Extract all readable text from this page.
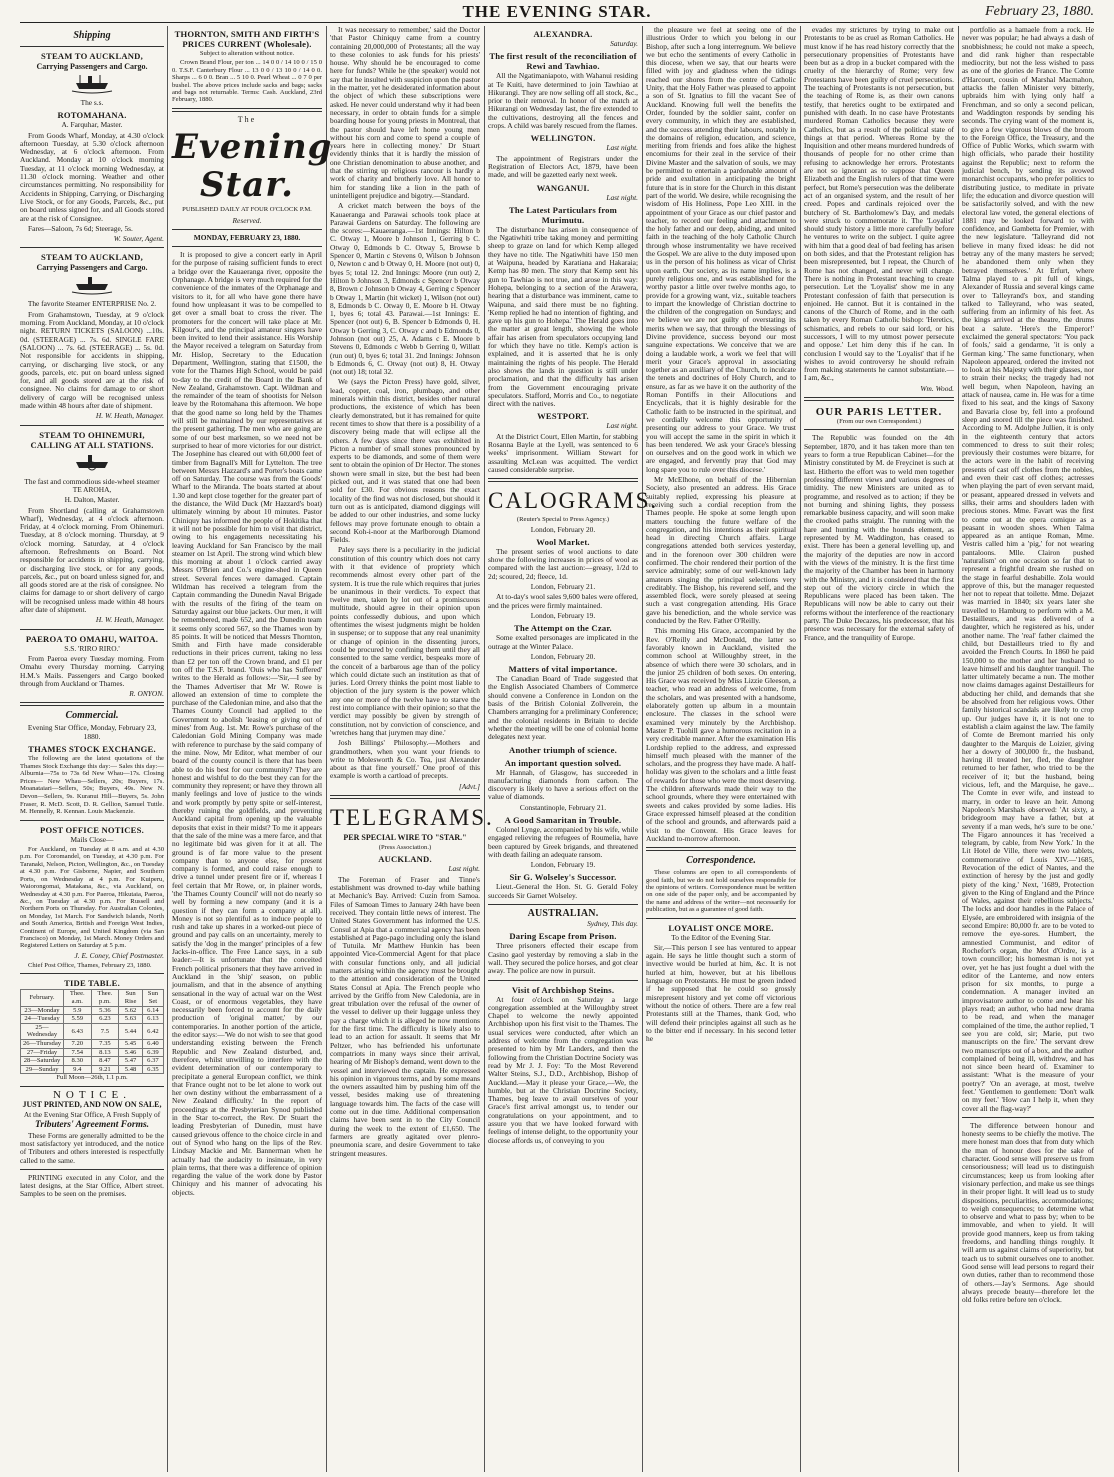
THE EVENING STAR.	February 23, 1880.
Shipping
STEAM TO AUCKLAND,
Carrying Passengers and Cargo.

The s.s.

ROTOMAHANA.

A. Farquhar, Master.

From Goods Wharf, Monday, at 4.30 o'clock afternoon Tuesday, at 5.30 o'clock afternoon Wednesday, at 6 o'clock afternoon. From Auckland. Monday at 10 o'clock morning Tuesday, at 11 o'clock morning Wednesday, at 11.30 o'clock morning. Weather and other circumstances permitting. No responsibility for Accidents in Shipping, Carrying, or Discharging Live Stock, or for any Goods, Parcels, &c., put on board unless signed for, and all Goods stored are at the risk of Consignee.

Fares—Saloon, 7s 6d; Steerage, 5s.

W. Souter, Agent.

STEAM TO AUCKLAND,
Carrying Passengers and Cargo.

The favorite Steamer ENTERPRISE No. 2.

From Grahamstown, Tuesday, at 9 o'clock morning. From Auckland, Monday, at 10 o'clock night. RETURN TICKETS (SALOON) ...10s. 0d. (STEERAGE) ... 7s. 6d. SINGLE FARE (SALOON) ... 7s. 6d. (STEERAGE) ... 5s. 0d. Not responsible for accidents in shipping, carrying, or discharging live stock, or any goods, parcels, etc. put on board unless signed for, and all goods stored are at the risk of consignee. No claims for damage to or short delivery of cargo will be recognised unless made within 48 hours after date of shipment.

H. W. Heath, Manager.

STEAM TO OHINEMURI, CALLING AT ALL STATIONS.

The fast and commodious side-wheel steamer TE AROHA,

H. Dalton, Master.

From Shortland (calling at Grahamstown Wharf), Wednesday, at 4 o'clock afternoon. Friday, at 4 o'clock morning. From Ohinemuri. Tuesday, at 8 o'clock morning. Thursday, at 9 o'clock morning. Saturday, at 4 o'clock afternoon. Refreshments on Board. Not responsible for accidents in shipping, carrying, or discharging live stock, or for any goods, parcels, &c., put on board unless signed for, and all goods stored are at the risk of consignee. No claims for damage to or short delivery of cargo will be recognised unless made within 48 hours after date of shipment.

H. W. Heath, Manager.

PAEROA TO OMAHU, WAITOA.

S.S. 'RIRO RIRO.'

From Paeroa every Tuesday morning. From Omahu every Thursday morning. Carrying H.M.'s Mails. Passengers and Cargo booked through from Auckland or Thames.

R. ONYON.

Commercial.

Evening Star Office, Monday, February 23, 1880.

THAMES STOCK EXCHANGE.

The following are the latest quotations of the Thames Stock Exchange this day:— Sales this day:— Alburnia—75s to 73s 6d New Whau—17s. Closing Prices— New Whau—Sellers, 20s; Buyers, 17s. Moanataiari—Sellers, 50s; Buyers, 49s. New N. Devon—Sellers, 9s. Kuranui Hill—Buyers, 5s. John Fraser, R. McD. Scott, D. R. Gellion, Samuel Tuttle. M. Hennelly, R. Kennan. Louis Mackenzie.

POST OFFICE NOTICES.

Mails Close—

For Auckland, on Tuesday at 8 a.m. and at 4.30 p.m. For Coromandel, on Tuesday, at 4.30 p.m. For Taranaki, Nelson, Picton, Wellington, &c., on Tuesday at 4.30 p.m. For Gisborne, Napier, and Southern Ports, on Wednesday at 4 p.m. For Kuiperu, Waiorongomai, Matakana, &c., via Auckland, on Wednesday at 4.30 p.m. For Paeroa, Hikutaia, Paeroa, &c., on Tuesday at 4.30 p.m. For Russell and Northern Ports on Thursday. For Australian Colonies, on Monday, 1st March. For Sandwich Islands, North and South America, British and Foreign West Indies, Continent of Europe, and United Kingdom (via San Francisco) on Monday, 1st March. Money Orders and Registered Letters on Saturday at 5 p.m.

J. E. Coney, Chief Postmaster.

Chief Post Office, Thames, February 23, 1880.

TIDE TABLE.
February.	Thee. a.m.	Thee. p.m.	Sun Rise	Sun Set
23—Monday	5.9	5.36	5.62	6.14
24—Tuesday	5.59	6.23	5.63	6.13
25—Wednesday	6.43	7.5	5.44	6.42
26—Thursday	7.20	7.35	5.45	6.40
27—Friday	7.54	8.13	5.46	6.39
28—Saturday	8.30	8.47	5.47	6.37
29—Sunday	9.4	9.21	5.48	6.35

Full Moon—26th, 1.1 p.m.

NOTICE.
JUST PRINTED, AND NOW ON SALE,

At the Evening Star Office, A Fresh Supply of

Tributers' Agreement Forms.

These Forms are generally admitted to be the most satisfactory yet introduced, and the notice of Tributers and others interested is respectfully called to the same.

PRINTING executed in any Color, and the latest designs, at the Star Office, Albert street. Samples to be seen on the premises.

THORNTON, SMITH AND FIRTH'S PRICES CURRENT (Wholesale).

Subject to alteration without notice.

Crown Brand Flour, per ton ... 14 0 0 / 14 10 0 / 15 0 0. T.S.F. Canterbury Flour ... 13 0 0 / 13 10 0 / 14 0 0. Sharps ... 6 0 0. Bran ... 5 10 0. Pearl Wheat ... 0 7 0 per bushel. The above prices include sacks and bags; sacks and bags not returnable. Terms: Cash. Auckland, 23rd February, 1880.

The

Evening Star.

PUBLISHED DAILY AT FOUR O'CLOCK P.M.

Reserved.

MONDAY, FEBRUARY 23, 1880.

It is proposed to give a concert early in April for the purpose of raising sufficient funds to erect a bridge over the Kauaeranga river, opposite the Orphanage. A bridge is very much required for the convenience of the inmates of the Orphanage and visitors to it, for all who have gone there have found how unpleasant it was to be compelled to get over a small boat to cross the river. The promoters for the concert will take place at Mr. Kilgour's, and the principal amateur singers have been invited to lend their assistance. His Worship the Mayor received a telegram on Saturday from Mr. Hislop, Secretary to the Education Department, Wellington, stating that £1500, the vote for the Thames High School, would be paid to-day to the credit of the Board in the Bank of New Zealand, Grahamstown. Capt. Wildman and the remainder of the team of shootists for Nelson leave by the Rotomahana this afternoon. We hope that the good name so long held by the Thames will still be maintained by our representatives at the present gathering. The men who are going are some of our best marksmen, so we need not be surprised to hear of more victories for our district. The Josephine has cleared out with 60,000 feet of timber from Bagnall's Mill for Lyttelton. The tree between Messrs Hazzard's and Porter's boats came off on Saturday. The course was from the Goods' Wharf to the Miranda. The boats started at about 1.30 and kept close together for the greater part of the distance, the Wild Duck (Mr Hazzard's boat) ultimately winning by about 10 minutes. Pastor Chiniquy has informed the people of Hokitika that it will not be possible for him to visit that district, owing to his engagements necessitating his leaving Auckland for San Francisco by the mail steamer on 1st April. The strong wind which blew this morning at about 1 o'clock carried away Messrs O'Brien and Co.'s engine-shed in Queen street. Several fences were damaged. Captain Wildman has received a telegram from the Captain commanding the Dunedin Naval Brigade with the results of the firing of the team on Saturday against our blue jackets. Our men, it will be remembered, made 652, and the Dunedin team it seems only scored 567, so the Thames won by 85 points. It will be noticed that Messrs Thornton, Smith and Firth have made considerable reductions in their prices current, taking no less than £2 per ton off the Crown brand, and £1 per ton off the T.S.F. brand. 'Ouis who has Suffered' writes to the Herald as follows:—'Sir,—I see by the Thames Advertiser that Mr W. Rowe is allowed an extension of time to complete the purchase of the Caledonian mine, and also that the Thames County Council had applied to the Government to abolish 'leasing or giving out of mines' from Aug. 1st. Mr. Rowe's purchase of the Caledonian Gold Mining Company was made with reference to purchase by the said company of the mine. Now, Mr Editor, what member of our board of the county council is there that has been able to do his best for our community? They are honest and wishful to do the best they can for the community they represent; or have they thrown all manly feelings and love of justice to the winds and work promptly by petty spite or self-interest, thereby ruining the goldfields, and preventing Auckland capital from opening up the valuable deposits that exist in their midst? To me it appears that the sale of the mine was a mere farce, and that no legitimate bid was given for it at all. The ground is of far more value to the present company than to anyone else, for present company is formed, and could raise enough to drive a tunnel under present fire or if, whereas I feel certain that Mr Rowe, or, in plainer words, 'the Thames County Council' will not do nearly so well by forming a new company (and it is a question if they can form a company at all). Money is not so plentiful as to induce people to rush and take up shares in a worked-out piece of ground and pay calls on an uncertainty, merely to satisfy the 'dog in the manger' principles of a few Jacks-in-office. The Free Lance says, in a sub leader:—It is unfortunate that the conceited French political prisoners that they have arrived in Auckland in the 'ship' season, on public journalism, and that in the absence of anything sensational in the way of actual war on the West Coast, or of enormous vegetables, they have necessarily been forced to account for the daily production of 'original matter,' by our contemporaries. In another portion of the article, the editor says:—'We do not wish to see that good understanding existing between the French Republic and New Zealand disturbed, and, therefore, whilst unwilling to interfere with the evident determination of our contemporary to precipitate a general European conflict, we think that France ought not to be let alone to work out her own destiny without the embarrassment of a New Zealand difficulty.' In the report of proceedings at the Presbyterian Synod published in the Star to-correct, the Rev. Dr Stuart the leading Presbyterian of Dunedin, must have caused grievous offence to the choice circle in and out of Synod who hang on the lips of the Rev. Lindsay Mackie and Mr. Bannerman when he actually had the audacity to insinuate, in very plain terms, that there was a difference of opinion regarding the value of the work done by Pastor Chiniquy and his manner of advocating his objects.

It was necessary to remember,' said the Doctor 'that Pastor Chiniquy came from a country containing 20,000,000 of Protestants; all the way to these colonies to ask funds for his priests' house. Why should he be encouraged to come here for funds? While he (the speaker) would not say that he insulted with suspicion upon the pastor in the matter, yet he desiderated information about the object of which these subscriptions were asked. He never could understand why it had been necessary, in order to obtain funds for a simple boarding house for young priests in Montreal, that the pastor should have left home young men without his corn and come to spend a couple of years here in collecting money.' Dr Stuart evidently thinks that it is hardly the mission of one Christian denomination to abuse another, and that the stirring up religious rancour is hardly a work of charity and brotherly love. All honor to him for standing like a lion in the path of unintelligent prejudice and bigotry.—Standard.

A cricket match between the boys of the Kauaeranga and Parawai schools took place at Parawai Gardens on Saturday. The following are the scores:—Kauaeranga.—1st Innings: Hilton b C. Otway 1, Moore b Johnson 1, Gerring b C. Otway 0, Edmonds b C. Otway 5, Browse b Spencer 0, Martin c Stevens 0, Wilson b Johnson 0, Newton c and b Otway 0, H. Moore (not out) 0, byes 5; total 12. 2nd Innings: Moore (run out) 2, Hilton b Johnson 3, Edmonds c Spencer b Otway 8, Brown c Johnson b Otway 4, Gerring c Spencer b Otway 1, Martin (hit wicket) 1, Wilson (not out) 8, Edmonds b C. Otway 0, E. Moore b H. Otway 1, byes 6; total 43. Parawai.—1st Innings: E. Spencer (not out) 6, B. Spencer b Edmonds 0, H. Otway b Gerring 3, C. Otway c and b Edmonds 0, Johnson (not out) 25, A. Adams c E. Moore b Stevens 0, Edmonds c Webb b Gerring 0, Willatt (run out) 0, byes 6; total 31. 2nd Innings: Johnson b Edmonds 6, C. Otway (not out) 8, H. Otway (not out) 18; total 32.

We (says the Picton Press) have gold, silver, lead, copper, coal, iron, plumbago, and other minerals within this district, besides other natural productions, the existence of which has been clearly demonstrated, but it has remained for quite recent times to show that there is a possibility of a discovery being made that will eclipse all the others. A few days since there was exhibited in Picton a number of small stones pronounced by experts to be diamonds, and some of them were sent to obtain the opinion of Dr Hector. The stones shown were small in size, but the best had been picked out, and it was stated that one had been sold for £30. For obvious reasons the exact locality of the find was not disclosed, but should it turn out as is anticipated, diamond diggings will be added to our other industries, and some lucky fellows may prove fortunate enough to obtain a second Koh-i-noor at the Marlborough Diamond Fields.

Paley says there is a peculiarity in the judicial constitution of this country which does not carry with it that evidence of propriety which recommends almost every other part of the system. It is true the rule which requires that juries be unanimous in their verdicts. To expect that twelve men, taken by lot out of a promiscuous multitude, should agree in their opinion upon points confessedly dubious, and upon which oftentimes the wisest judgments might be holden in suspense; or to suppose that any real unanimity or change of opinion in the dissenting jurors, could be procured by confining them until they all consented to the same verdict, bespeaks more of the conceit of a barbarous age than of the policy which could dictate such an institution as that of juries. Lord Orrery thinks the point most liable to objection of the jury system is the power which any one or more of the twelve have to starve the rest into compliance with their opinion; so that the verdict may possibly be given by strength of constitution, not by conviction of conscience, and 'wretches hang that jurymen may dine.'

Josh Billings' Philosophy.—Mothers and grandmothers, when you want your friends to write to Molesworth & Co. Tea, just Alexander about as that fine yourself.' One proof of this example is worth a cartload of precepts.

[Advt.]

TELEGRAMS.
PER SPECIAL WIRE TO "STAR."

(Press Association.)

AUCKLAND.

Last night.

The Foreman of Fraser and Tinne's establishment was drowned to-day while bathing at Mechanic's Bay. Arrived: Cuzin from Samoa. Files of Samoan Times to January 24th have been received. They contain little news of interest. The United States Government has informed the U.S. Consul at Apia that a commercial agency has been established at Pago-pago including only the island of Tutuila. Mr Matthew Hunkin has been appointed Vice-Commercial Agent for that place with consular functions only, and all judicial matters arising within the agency must be brought to the attention and consideration of the United States Consul at Apia. The French people who arrived by the Griffo from New Caledonia, are in great tribulation over the refusal of the owner of the vessel to deliver up their luggage unless they pay a charge which it is alleged he now mentions for the first time. The difficulty is likely also to lead to an action for assault. It seems that Mr Peltzer, who has befriended his unfortunate compatriots in many ways since their arrival, hearing of Mr Bishop's demand, went down to the vessel and interviewed the captain. He expressed his opinion in vigorous terms, and by some means the owners assaulted him by pushing him off the vessel, besides making use of threatening language towards him. The facts of the case will come out in due time. Additional compensation claims have been sent in to the City Council during the week to the extent of £1,650. The farmers are greatly agitated over plenro-pneumonia scare, and desire Government to take stringent measures.

ALEXANDRA.

Saturday.

The first result of the reconciliation of Rewi and Tawhiao.

All the Ngatimaniapoto, with Wahanui residing at Te Kuiti, have determined to join Tawhiao at Hikurangi. They are now selling off all stock, &c., prior to their removal. In honor of the match at Hikurangi on Wednesday last, the fire extended to the cultivations, destroying all the fences and crops. A child was barely rescued from the flames.

WELLINGTON.

Last night.

The appointment of Registrars under the Registration of Electors Act, 1879, have been made, and will be gazetted early next week.

WANGANUI.

Last night.

The Latest Particulars from Murimutu.

The disturbance has arisen in consequence of the Ngatiwhiti tribe taking money and permitting sheep to graze on land for which Kemp alleged they have no title. The Ngatiwhiti have 150 men at Waipuna, headed by Karatiana and Hakaraia; Kemp has 80 men. The story that Kemp sent his gun to Tawhiao is not true, and arose in this way: Hohepa, belonging to a section of the Arawera, hearing that a disturbance was imminent, came to Waipuna, and said there must be no fighting. 'Kemp replied he had no intention of fighting, and gave up his gun to Hohepa.' The Herald goes into the matter at great length, showing the whole affair has arisen from speculators occupying land for which they have no title. Kemp's action is explained, and it is asserted that he is only maintaining the rights of his people. The Herald also shows the lands in question is still under proclamation, and that the difficulty has arisen from the Government encouraging private speculators. Stafford, Morris and Co., to negotiate direct with the natives.

WESTPORT.

Last night.

At the District Court, Ellen Martin, for stabbing Rosanna Bayle at the Lyell, was sentenced to 6 weeks' imprisonment. William Stewart for assaulting McLean was acquitted. The verdict caused considerable surprise.

CALOGRAMS.

(Reuter's Special to Press Agency.)

London, February 20.

Wool Market.

The present series of wool auctions to date show the following increases in prices of wool as compared with the last auction:—greasy, 1/2d to 2d; scoured, 2d; fleece, 1d.

London, February 21.

At to-day's wool sales 9,600 bales were offered, and the prices were firmly maintained.

London, February 19.

The Attempt on the Czar.

Some exalted personages are implicated in the outrage at the Winter Palace.

London, February 20.

Matters of vital importance.

The Canadian Board of Trade suggested that the English Associated Chambers of Commerce should convene a Conference in London on the basis of the British Colonial Zollverein, the Chambers arranging for a preliminary Conference; and the colonial residents in Britain to decide whether the meeting will be one of colonial home delegates next year.

Another triumph of science.
An important question solved.

Mr Hannah, of Glasgow, has succeeded in manufacturing diamonds from carbon. The discovery is likely to have a serious effect on the value of diamonds.

Constantinople, February 21.

A Good Samaritan in Trouble.

Colonel Lynge, accompanied by his wife, while engaged relieving the refugees of Roumelia, have been captured by Greek brigands, and threatened with death failing an adequate ransom.

London, February 19.

Sir G. Wolseley's Successor.

Lieut.-General the Hon. St. G. Gerald Foley succeeds Sir Garnet Wolseley.

AUSTRALIAN.

Sydney, This day.

Daring Escape from Prison.

Three prisoners effected their escape from Casino gaol yesterday by removing a slab in the wall. They secured the police horses, and got clear away. The police are now in pursuit.

Visit of Archbishop Steins.

At four o'clock on Saturday a large congregation assembled at the Willoughby street Chapel to welcome the newly appointed Archbishop upon his first visit to the Thames. The usual services were conducted, after which an address of welcome from the congregation was presented to him by Mr Landers, and then the following from the Christian Doctrine Society was read by Mr J. J. Foy: 'To the Most Reverend Walter Steins, S.J., D.D., Archbishop, Bishop of Auckland.—May it please your Grace,—We, the humble, but at the Christian Doctrine Society, Thames, beg leave to avail ourselves of your Grace's first arrival amongst us, to tender our congratulations on your appointment, and to assure you that we have looked forward with feelings of intense delight, to the opportunity your diocese affords us, of conveying to you

the pleasure we feel at seeing one of the illustrious Order to which you belong in our Bishop, after such a long interregnum. We believe we but echo the sentiments of every Catholic in this diocese, when we say, that our hearts were filled with joy and gladness when the tidings reached our shores from the centre of Catholic Unity, that the Holy Father was pleased to appoint a son of St. Ignatius to fill the vacant See of Auckland. Knowing full well the benefits the Order, founded by the soldier saint, confer on every community, in which they are established, and the success attending their labours, notably in the domains of religion, education, and science, meriting from friends and foes alike the highest encomiums for their zeal in the service of their Divine Master and the salvation of souls, we may be permitted to entertain a pardonable amount of pride and exultation in anticipating the bright future that is in store for the Church in this distant part of the world. We desire, while recognising the wisdom of His Holiness, Pope Leo XIII. in the appointment of your Grace as our chief pastor and teacher, to record our feeling and attachment to the holy father and our deep, abiding, and united faith in the teaching of the holy Catholic Church through whose instrumentality we have received the Gospel. We are alive to the duty imposed upon us in the person of his holiness as vicar of Christ upon earth. Our society, as its name implies, is a purely religious one, and was established for the worthy pastor a little over twelve months ago, to provide for a growing want, viz., suitable teachers to impart the knowledge of Christian doctrine to the children of the congregation on Sundays; and we believe we are not guilty of overstating its merits when we say, that through the blessings of Divine providence, success beyond our most sanguine expectations. We conceive that we are doing a laudable work, a work we feel that will merit your Grace's approval in associating together as an auxiliary of the Church, to inculcate the tenets and doctrines of Holy Church, and to ensure, as far as we have it on the authority of the Roman Pontiffs in their Allocutions and Encyclicals, that it is highly desirable for the Catholic faith to be instructed in the spiritual, and we cordially welcome this opportunity of presenting our address to your Grace. We trust you will accept the same in the spirit in which it has been tendered. We ask your Grace's blessing on ourselves and on the good work in which we are engaged, and fervently pray that God may long spare you to rule over this diocese.'

Mr McElhone, on behalf of the Hibernian Society, also presented an address. His Grace suitably replied, expressing his pleasure at receiving such a cordial reception from the Thames people. He spoke at some length upon matters touching the future welfare of the congregation, and his intentions as their spiritual head in directing Church affairs. Large congregations attended both services yesterday, and in the forenoon over 300 children were confirmed. The choir rendered their portion of the service admirably; some of our well-known lady amateurs singing the principal selections very creditably. The Bishop, his reverend self, and the assembled flock, were sorely pleased at seeing such a vast congregation attending. His Grace gave his benediction, and the whole service was conducted by the Rev. Father O'Reilly.

This morning His Grace, accompanied by the Rev. O'Reilly and McDonald, the latter so favorably known in Auckland, visited the common school at Willoughby street, in the absence of which there were 30 scholars, and in the junior 25 children of both sexes. On entering, His Grace was received by Miss Lizzie Gleeson, a teacher, who read an address of welcome, from the scholars, and was presented with a handsome, elaborately gotten up album in a mountain enclosure. The classes in the school were examined very minutely by the Archbishop. Master P. Tuohill gave a humorous recitation in a very creditable manner. After the examination His Lordship replied to the address, and expressed himself much pleased with the manner of the scholars, and the progress they have made. A half-holiday was given to the scholars and a little feast of rewards for those who were the most deserving. The children afterwards made their way to the school grounds, where they were entertained with sweets and cakes provided by some ladies. His Grace expressed himself pleased at the condition of the school and grounds, and afterwards paid a visit to the Convent. His Grace leaves for Auckland to-morrow afternoon.

Correspondence.

These columns are open to all correspondents of good faith, but we do not hold ourselves responsible for the opinions of writers. Correspondence must be written on one side of the paper only, and be accompanied by the name and address of the writer—not necessarily for publication, but as a guarantee of good faith.

LOYALIST ONCE MORE.

To the Editor of the Evening Star.

Sir,—This person I see has ventured to appear again. He says he little thought such a storm of invective would be hurled at him, &c. It is not hurled at him, however, but at his libellous language on Protestants. He must be green indeed if he supposed that he could so grossly misrepresent history and yet come off victorious without the notice of others. There are a few real Protestants still at the Thames, thank God, who will defend their principles against all such as he to the bitter end if necessary. In his second letter he

evades my strictures by trying to make out Protestants to be as cruel as Roman Catholics. He must know if he has read history correctly that the persecutionary propensities of Protestants have been but as a drop in a bucket compared with the cruelty of the hierarchy of Rome; very few Protestants have been guilty of cruel persecutions. The teaching of Protestants is not persecution, but the teaching of Rome is, as their own canons testify, that heretics ought to be extirpated and punished with death. In no case have Protestants murdered Roman Catholics because they were Catholics, but as a result of the political state of things at that period. Whereas Rome by the Inquisition and other means murdered hundreds of thousands of people for no other crime than refusing to acknowledge her errors. Protestants are not so ignorant as to suppose that Queen Elizabeth and the English rulers of that time were perfect, but Rome's persecution was the deliberate act of an organised system, and the result of her creed. Popes and cardinals rejoiced over the butchery of St. Bartholomew's Day, and medals were struck to commemorate it. The 'Loyalist' should study history a little more carefully before he ventures to write on the subject. I quite agree with him that a good deal of bad feeling has arisen on both sides, and that the Protestant religion has been misrepresented, but I repeat, the Church of Rome has not changed, and never will change. There is nothing in Protestant teaching to create persecution. Let the 'Loyalist' show me in any Protestant confession of faith that persecution is enjoined. He cannot. But it is contained in the canons of the Church of Rome, and in the oath taken by every Roman Catholic bishop: 'Heretics, schismatics, and rebels to our said lord, or his successors, I will to my utmost power persecute and oppose.' Let him deny this if he can. In conclusion I would say to the 'Loyalist' that if he wishes to avoid controversy he should refrain from making statements he cannot substantiate.—I am, &c.,

Wm. Wood.

OUR PARIS LETTER.

(From our own Correspondent.)

The Republic was founded on the 4th September, 1870, and it has taken more than ten years to form a true Republican Cabinet—for the Ministry constituted by M. de Freycinet is such at last. Hitherto the effort was to weld men together professing different views and various degrees of timidity. The new Ministers are united as to programme, and resolved as to action; if they be not burning and shining lights, they possess remarkable business capacity, and will soon make the crooked paths straight. The running with the hare and hunting with the hounds element, as represented by M. Waddington, has ceased to exist. There has been a general levelling up, and the majority of the deputies are now in accord with the views of the ministry. It is the first time the majority of the Chamber has been in harmony with the Ministry, and it is considered that the first step out of the victory circle in which the Republicans were placed has been taken. The Republicans will now be able to carry out their reforms without the interference of the reactionary party. The Duke Decazes, his predecessor, that his presence was necessary for the external safety of France, and the tranquility of Europe.

portfolio as a hamaele from a rock. He never was popular; he had always a dash of snobbishness; he could not make a speech, and did rank higher than respectable mediocrity, but not the less wished to pass as one of the glories de France. The Comte d'Harcourt, cousin of Marshal Macmahon, attacks the fallen Minister very bitterly, upbraids him with lying only half a Frenchman, and so only a second pelican, and Waddington responds by sending his seconds. The crying want of the moment is, to give a few vigorous blows of the broom to the Foreign Office, the Treasury, and the Office of Public Works, which swarm with high officials, who parade their hostility against the Republic; next to reform the judicial bench, by sending its avowed monarchist occupants, who prefer politics to distributing justice, to meditate in private life; the education and divorce question will be satisfactorily solved, and with the new electoral law voted, the general elections of 1881 may be looked forward to with confidence, and Gambetta for Premier, with the new legislature. 'Talleyrand did not believe in many fixed ideas: he did not betray any of the many masters he served; he abandoned them only when they betrayed themselves.' At Erfurt, where Talma played to a pit full of kings, Alexander of Russia and several kings came over to Talleyrand's box, and standing talked to Talleyrand, who was seated, suffering from an infirmity of his feet. As the kings arrived at the theatre, the drums beat a salute. 'Here's the Emperor!' exclaimed the general spectators: 'You pack of fools,' said a gendarme, 'it is only a German king.' The same functionary, when Napoleon appeared, ordered the invited not to look at his Majesty with their glasses, nor to strain their necks; the tragedy had not well begun, when Napoleon, having an attack of nausea, came in. He was for a time fixed to his seat, and the kings of Saxony and Bavaria close by, fell into a profound sleep and snored till the piece was finished. According to M. Adolphe Jullien, it is only in the eighteenth century that actors commenced to dress to suit their roles; previously their costumes were bizarre, for the actors were in the habit of receiving presents of cast off clothes from the nobles, and even their cast off clothes; actresses when playing the part of even servant maid, or peasant, appeared dressed in velvets and silks, their arms and shoulders laden with precious stones. Mme. Favart was the first to come out at the opera comique as a peasant in wooden shoes. When Talma appeared as an antique Roman, Mme. Vestris called him a 'pig,' for not wearing pantaloons. Mlle. Clairon pushed 'naturalism' on one occasion so far that to represent a frightful dream she rushed on the stage in fearful deshabille. Zola would approve of this, but the manager requested her not to repeat that toilette. Mme. Dejazet was married in 1840; six years later she travelled to Hamburg to perform with a M. Destailleurs, and was delivered of a daughter, which he registered as his, under another name. The 'real' father claimed the child, but Destailleurs tried to fly and avoided the French Courts. In 1860 he paid 150,000 to the mother and her husband to leave himself and his daughter tranquil. The latter ultimately became a nun. The mother now claims damages against Destailleurs for abducting her child, and demands that she be absolved from her religious vows. Other family historical scandals are likely to crop up. Our judges have it, it is not one to establish a claim against the law. The family of Comte de Bremont married his only daughter to the Marquis de Loizier, giving her a dowry of 300,000 fr., the husband, having ill treated her, fled, the daughter returned to her father, who tried to be the receiver of it; but the husband, being vicious, left, and the Marquise, he gave... The Comte in ever wife, and instead to marry, in order to leave an heir. Among Napoleon's Marshals observed: 'At sixty, a bridegroom may have a father, but at seventy if a man weds, he's sure to be one.' The Figaro announces it has 'received a telegram, by cable, from New York.' In the Lit Hotel de Ville, there were two tablets, commemorative of Louis XIV.—'1685, Revocation of the edict of Nantes, and the extinction of heresy by the just and godly piety of the king.' Next, '1689, Protection given to the King of England and the Prince of Wales, against their rebellious subjects.' The locks and door handles in the Palace of Elysée, are embroidered with insignia of the second Empire: 80,000 fr. are to be voted to remove the eye-sores. Humbert, the amnestied Communist, and editor of Rochefort's organ, the Mot d'Ordre, is a town councillor; his homesman is not yet over, yet he has just fought a duel with the editor of the Lanterne, and now enters prison for six months, to purge a condemnation. A manager invited an improvisatore author to come and hear his plays read; an author, who had new drama to be read, and when the manager complained of the time, the author replied, 'I see you are cold, sir; Marie, put two manuscripts on the fire.' The servant drew two manuscripts out of a box, and the author complained of being ill, withdrew, and has not since been heard of. Examiner to assistant: 'What is the measure of your poetry?' 'On an average, at most, twelve feet.' 'Gentlemen to gentlemen: 'Don't walk on my feet.' 'How can I help it, when they cover all the flag-way?'

The difference between honour and honesty seems to be chiefly the motive. The mere honest man does that from duty which the man of honour does for the sake of character. Good sense will preserve us from censoriousness; will lead us to distinguish circumstances; keep us from looking after visionary perfection, and make us see things in their proper light. It will lead us to study dispositions, peculiarities, accommodations; to weigh consequences; to determine what to observe and what to pass by; when to be immovable, and when to yield. It will provide good manners, keep us from taking freedoms, and handling things roughly. It will arm us against claims of superiority, but teach us to submit ourselves one to another. Good sense will lead persons to regard their own duties, rather than to recommend those of others.—Jay's Sermons. Age should always precede beauty—therefore let the old folks retire before ten o'clock.
